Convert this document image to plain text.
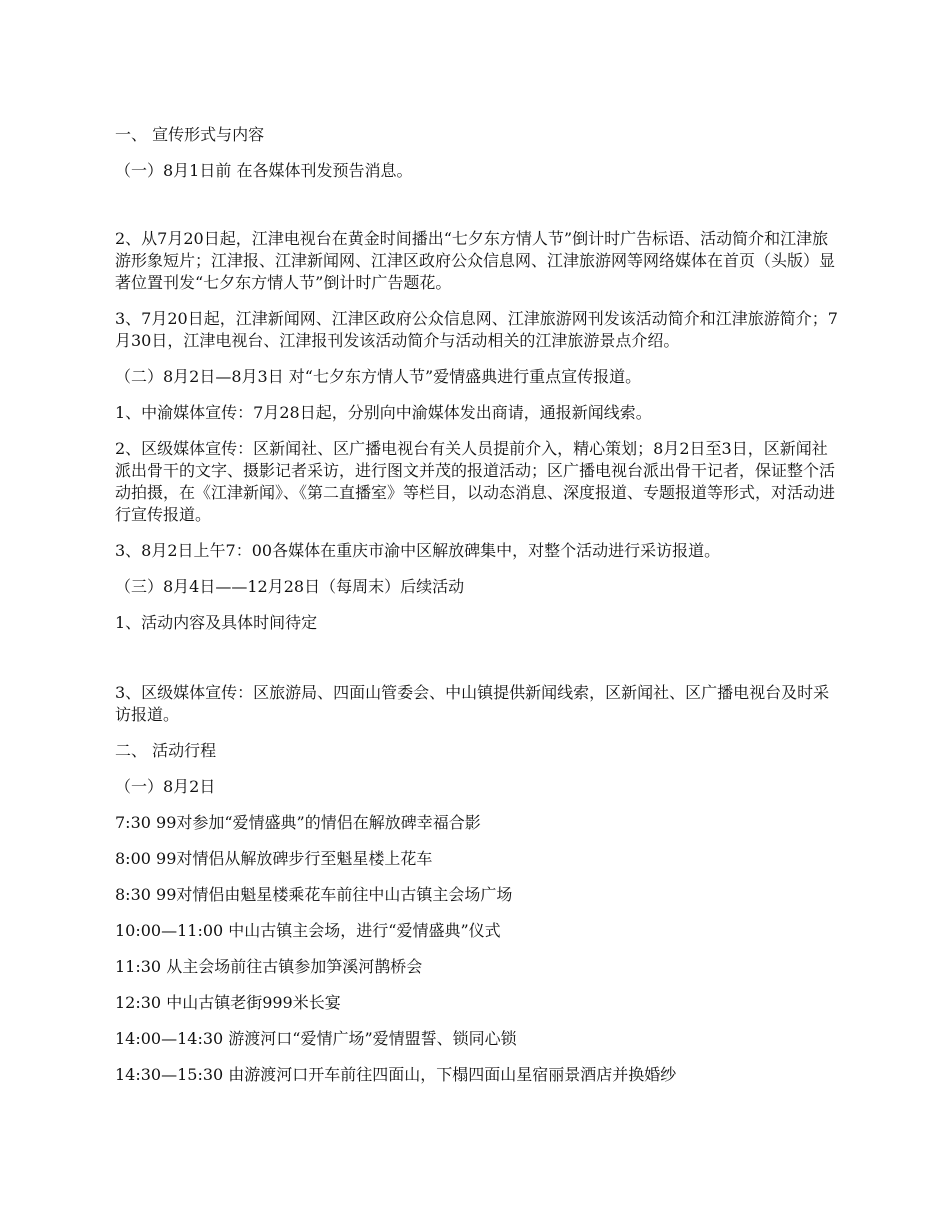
一、 宣传形式与内容

（一）8月1日前 在各媒体刊发预告消息。

2、从7月20日起，江津电视台在黄金时间播出“七夕东方情人节”倒计时广告标语、活动简介和江津旅游形象短片；江津报、江津新闻网、江津区政府公众信息网、江津旅游网等网络媒体在首页（头版）显著位置刊发“七夕东方情人节”倒计时广告题花。

3、7月20日起，江津新闻网、江津区政府公众信息网、江津旅游网刊发该活动简介和江津旅游简介；7月30日，江津电视台、江津报刊发该活动简介与活动相关的江津旅游景点介绍。

（二）8月2日—8月3日 对“七夕东方情人节”爱情盛典进行重点宣传报道。

1、中渝媒体宣传：7月28日起，分别向中渝媒体发出商请，通报新闻线索。

2、区级媒体宣传：区新闻社、区广播电视台有关人员提前介入，精心策划；8月2日至3日，区新闻社派出骨干的文字、摄影记者采访，进行图文并茂的报道活动；区广播电视台派出骨干记者，保证整个活动拍摄，在《江津新闻》、《第二直播室》等栏目，以动态消息、深度报道、专题报道等形式，对活动进行宣传报道。

3、8月2日上午7：00各媒体在重庆市渝中区解放碑集中，对整个活动进行采访报道。

（三）8月4日——12月28日（每周末）后续活动

1、活动内容及具体时间待定

3、区级媒体宣传：区旅游局、四面山管委会、中山镇提供新闻线索，区新闻社、区广播电视台及时采访报道。

二、 活动行程

（一）8月2日

7:30 99对参加“爱情盛典”的情侣在解放碑幸福合影

8:00 99对情侣从解放碑步行至魁星楼上花车

8:30 99对情侣由魁星楼乘花车前往中山古镇主会场广场

10:00—11:00 中山古镇主会场，进行“爱情盛典”仪式

11:30 从主会场前往古镇参加笋溪河鹊桥会

12:30 中山古镇老街999米长宴

14:00—14:30 游渡河口“爱情广场”爱情盟誓、锁同心锁

14:30—15:30 由游渡河口开车前往四面山，下榻四面山星宿丽景酒店并换婚纱
